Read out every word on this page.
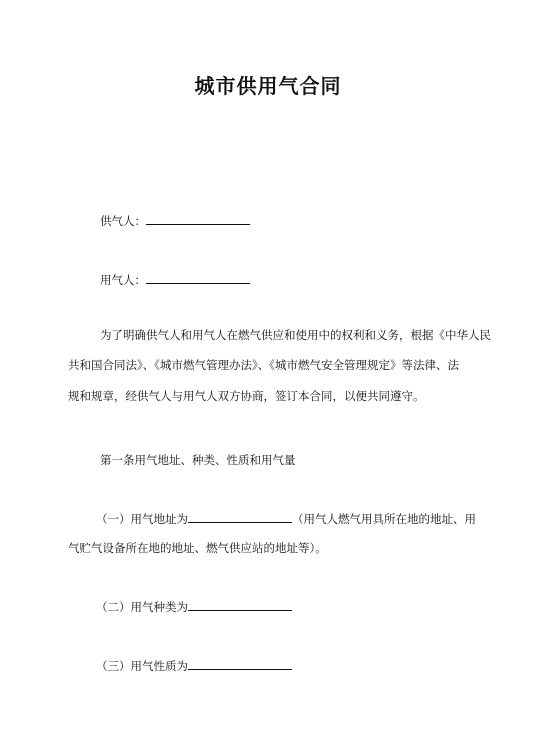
城市供用气合同
供气人：
用气人：
为了明确供气人和用气人在燃气供应和使用中的权利和义务，根据《中华人民
共和国合同法》、《城市燃气管理办法》、《城市燃气安全管理规定》等法律、法
规和规章，经供气人与用气人双方协商，签订本合同，以便共同遵守。
第一条用气地址、种类、性质和用气量
（一）用气地址为	（用气人燃气用具所在地的地址、用
气贮气设备所在地的地址、燃气供应站的地址等）。
（二）用气种类为
（三）用气性质为
